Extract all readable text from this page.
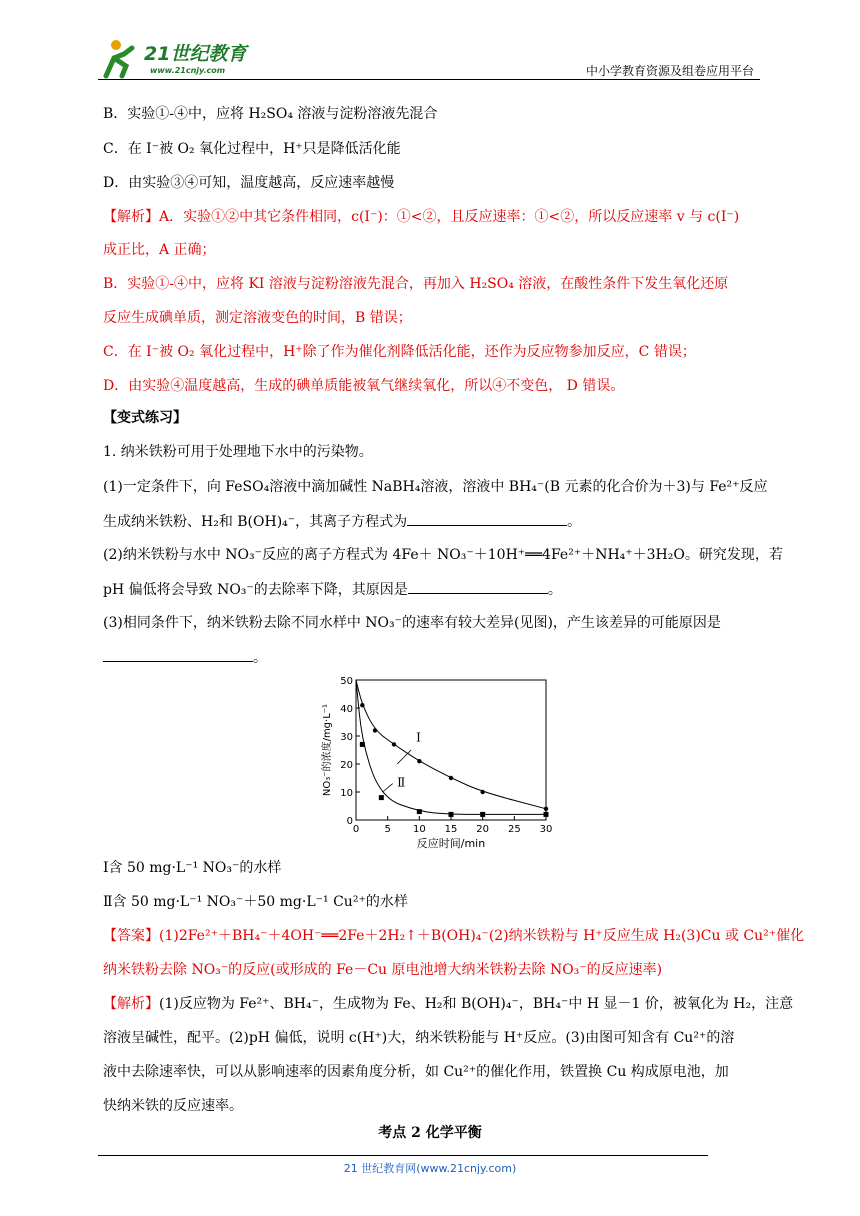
21世纪教育
www.21cnjy.com	中小学教育资源及组卷应用平台
B．实验①-④中，应将 H₂SO₄ 溶液与淀粉溶液先混合
C．在 I⁻被 O₂ 氧化过程中，H⁺只是降低活化能
D．由实验③④可知，温度越高，反应速率越慢
【解析】A．实验①②中其它条件相同，c(I⁻)：①<②，且反应速率：①<②，所以反应速率 v 与 c(I⁻)
成正比，A 正确；
B．实验①-④中，应将 KI 溶液与淀粉溶液先混合，再加入 H₂SO₄ 溶液，在酸性条件下发生氧化还原
反应生成碘单质，测定溶液变色的时间，B 错误；
C．在 I⁻被 O₂ 氧化过程中，H⁺除了作为催化剂降低活化能，还作为反应物参加反应，C 错误；
D．由实验④温度越高，生成的碘单质能被氧气继续氧化，所以④不变色， D 错误。
【变式练习】
1. 纳米铁粉可用于处理地下水中的污染物。
(1)一定条件下，向 FeSO₄溶液中滴加碱性 NaBH₄溶液，溶液中 BH₄⁻(B 元素的化合价为＋3)与 Fe²⁺反应
生成纳米铁粉、H₂和 B(OH)₄⁻，其离子方程式为	。
(2)纳米铁粉与水中 NO₃⁻反应的离子方程式为 4Fe＋ NO₃⁻＋10H⁺══4Fe²⁺＋NH₄⁺＋3H₂O。研究发现，若
pH 偏低将会导致 NO₃⁻的去除率下降，其原因是	。
(3)相同条件下，纳米铁粉去除不同水样中 NO₃⁻的速率有较大差异(见图)，产生该差异的可能原因是
。
0
10
20
30
40
50
0	5 10 15 20 25 30
反应时间/min
NO₃⁻的浓度/mg·L⁻¹	Ⅰ
Ⅱ
Ⅰ含 50 mg·L⁻¹ NO₃⁻的水样
Ⅱ含 50 mg·L⁻¹ NO₃⁻＋50 mg·L⁻¹ Cu²⁺的水样
【答案】(1)2Fe²⁺＋BH₄⁻＋4OH⁻══2Fe＋2H₂↑＋B(OH)₄⁻(2)纳米铁粉与 H⁺反应生成 H₂(3)Cu 或 Cu²⁺催化
纳米铁粉去除 NO₃⁻的反应(或形成的 Fe－Cu 原电池增大纳米铁粉去除 NO₃⁻的反应速率)
【解析】(1)反应物为 Fe²⁺、BH₄⁻，生成物为 Fe、H₂和 B(OH)₄⁻，BH₄⁻中 H 显－1 价，被氧化为 H₂，注意
溶液呈碱性，配平。(2)pH 偏低，说明 c(H⁺)大，纳米铁粉能与 H⁺反应。(3)由图可知含有 Cu²⁺的溶
液中去除速率快，可以从影响速率的因素角度分析，如 Cu²⁺的催化作用，铁置换 Cu 构成原电池，加
快纳米铁的反应速率。
考点 2 化学平衡
21 世纪教育网(www.21cnjy.com)
